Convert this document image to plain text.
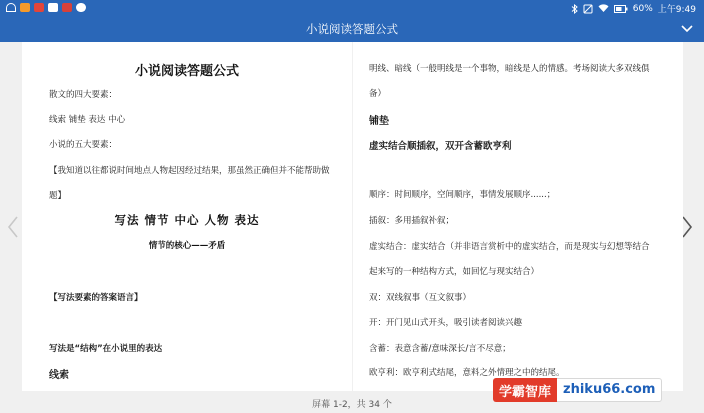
60% 上午9:49
小说阅读答题公式
小说阅读答题公式
散文的四大要素：
线索 铺垫 表达 中心
小说的五大要素：
【我知道以往都说时间地点人物起因经过结果，那虽然正确但并不能帮助做
题】
写法 情节 中心 人物 表达
情节的核心——矛盾
【写法要素的答案语言】
写法是“结构”在小说里的表达
线索
明线、暗线（一般明线是一个事物，暗线是人的情感。考场阅读大多双线俱
备）
铺垫
虚实结合顺插叙，双开含蓄欧亨利
顺序：时间顺序，空间顺序，事情发展顺序......；
插叙：多用插叙补叙；
虚实结合：虚实结合（并非语言赏析中的虚实结合，而是现实与幻想等结合
起来写的一种结构方式，如回忆与现实结合）
双：双线叙事（互文叙事）
开：开门见山式开头，吸引读者阅读兴趣
含蓄：表意含蓄/意味深长/言不尽意；
欧亨利：欧亨利式结尾，意料之外情理之中的结尾。
屏幕 1-2，共 34 个
学霸智库 zhiku66.com
